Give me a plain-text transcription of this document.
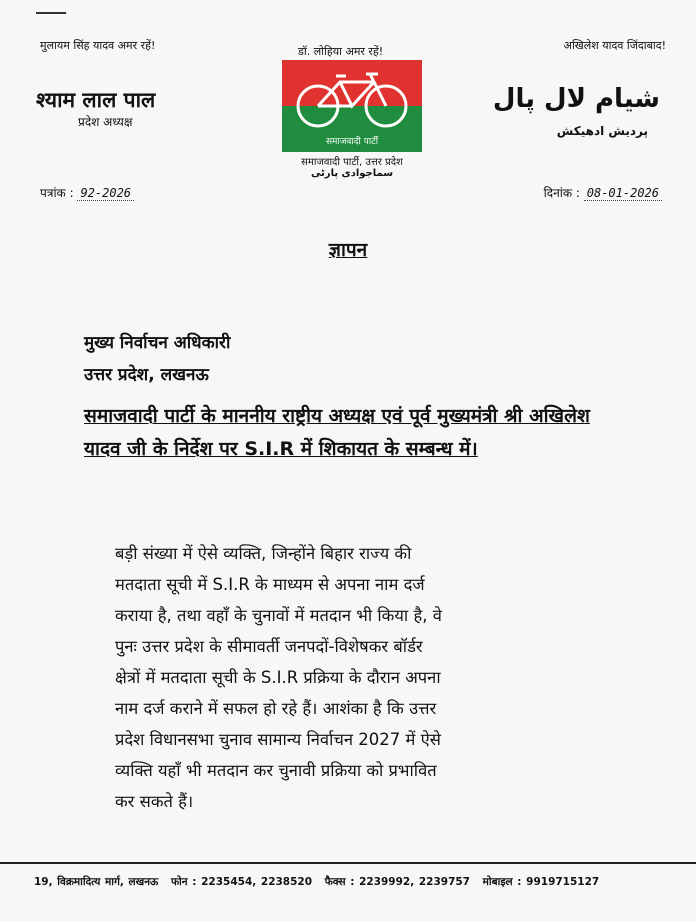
मुलायम सिंह यादव अमर रहें!	डॉ. लोहिया अमर रहें!	अखिलेश यादव जिंदाबाद!
श्याम लाल पाल
प्रदेश अध्यक्ष
شیام لال پال
پردیش ادھیکش
समाजवादी पार्टी
समाजवादी पार्टी, उत्तर प्रदेश
سماجوادی پارٹی
पत्रांक : 92-2026	दिनांक : 08-01-2026
ज्ञापन
मुख्य निर्वाचन अधिकारी
उत्तर प्रदेश, लखनऊ
समाजवादी पार्टी के माननीय राष्ट्रीय अध्यक्ष एवं पूर्व मुख्यमंत्री श्री अखिलेश यादव जी के निर्देश पर S.I.R में शिकायत के सम्बन्ध में।
बड़ी संख्या में ऐसे व्यक्ति, जिन्होंने बिहार राज्य की
मतदाता सूची में S.I.R के माध्यम से अपना नाम दर्ज
कराया है, तथा वहाँ के चुनावों में मतदान भी किया है, वे
पुनः उत्तर प्रदेश के सीमावर्ती जनपदों-विशेषकर बॉर्डर
क्षेत्रों में मतदाता सूची के S.I.R प्रक्रिया के दौरान अपना
नाम दर्ज कराने में सफल हो रहे हैं। आशंका है कि उत्तर
प्रदेश विधानसभा चुनाव सामान्य निर्वाचन 2027 में ऐसे
व्यक्ति यहाँ भी मतदान कर चुनावी प्रक्रिया को प्रभावित
कर सकते हैं।
19, विक्रमादित्य मार्ग, लखनऊ फोन : 2235454, 2238520 फैक्स : 2239992, 2239757 मोबाइल : 9919715127
